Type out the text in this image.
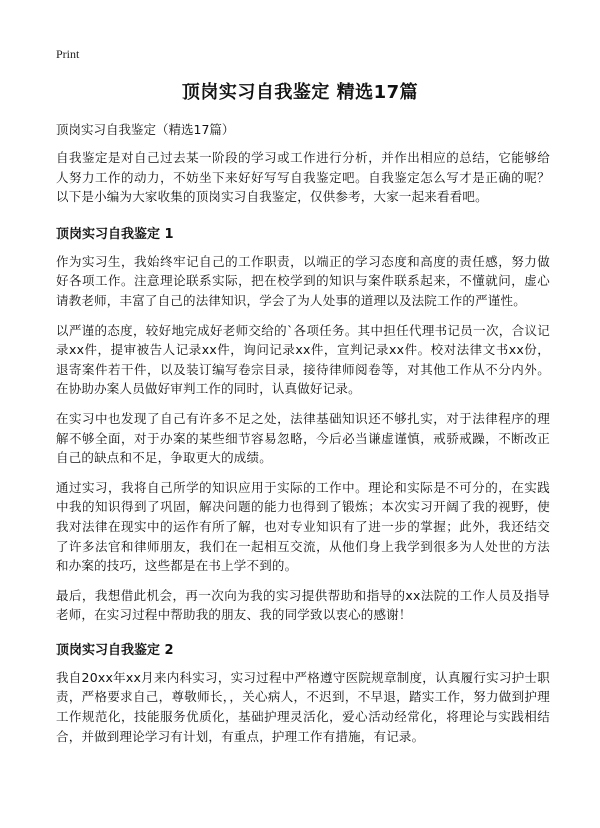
Print
顶岗实习自我鉴定 精选17篇

顶岗实习自我鉴定（精选17篇）

自我鉴定是对自己过去某一阶段的学习或工作进行分析，并作出相应的总结，它能够给人努力工作的动力，不妨坐下来好好写写自我鉴定吧。自我鉴定怎么写才是正确的呢？以下是小编为大家收集的顶岗实习自我鉴定，仅供参考，大家一起来看看吧。

顶岗实习自我鉴定 1

作为实习生，我始终牢记自己的工作职责，以端正的学习态度和高度的责任感，努力做好各项工作。注意理论联系实际，把在校学到的知识与案件联系起来，不懂就问，虚心请教老师，丰富了自己的法律知识，学会了为人处事的道理以及法院工作的严谨性。

以严谨的态度，较好地完成好老师交给的`各项任务。其中担任代理书记员一次，合议记录xx件，提审被告人记录xx件，询问记录xx件，宣判记录xx件。校对法律文书xx份，退寄案件若干件，以及装订编写卷宗目录，接待律师阅卷等，对其他工作从不分内外。在协助办案人员做好审判工作的同时，认真做好记录。

在实习中也发现了自己有许多不足之处，法律基础知识还不够扎实，对于法律程序的理解不够全面，对于办案的某些细节容易忽略，今后必当谦虚谨慎，戒骄戒躁，不断改正自己的缺点和不足，争取更大的成绩。

通过实习，我将自己所学的知识应用于实际的工作中。理论和实际是不可分的，在实践中我的知识得到了巩固，解决问题的能力也得到了锻炼；本次实习开阔了我的视野，使我对法律在现实中的运作有所了解，也对专业知识有了进一步的掌握；此外，我还结交了许多法官和律师朋友，我们在一起相互交流，从他们身上我学到很多为人处世的方法和办案的技巧，这些都是在书上学不到的。

最后，我想借此机会，再一次向为我的实习提供帮助和指导的xx法院的工作人员及指导老师，在实习过程中帮助我的朋友、我的同学致以衷心的感谢！

顶岗实习自我鉴定 2

我自20xx年xx月来内科实习，实习过程中严格遵守医院规章制度，认真履行实习护士职责，严格要求自己，尊敬师长，，关心病人，不迟到，不早退，踏实工作，努力做到护理工作规范化，技能服务优质化，基础护理灵活化，爱心活动经常化，将理论与实践相结合，并做到理论学习有计划，有重点，护理工作有措施，有记录。
